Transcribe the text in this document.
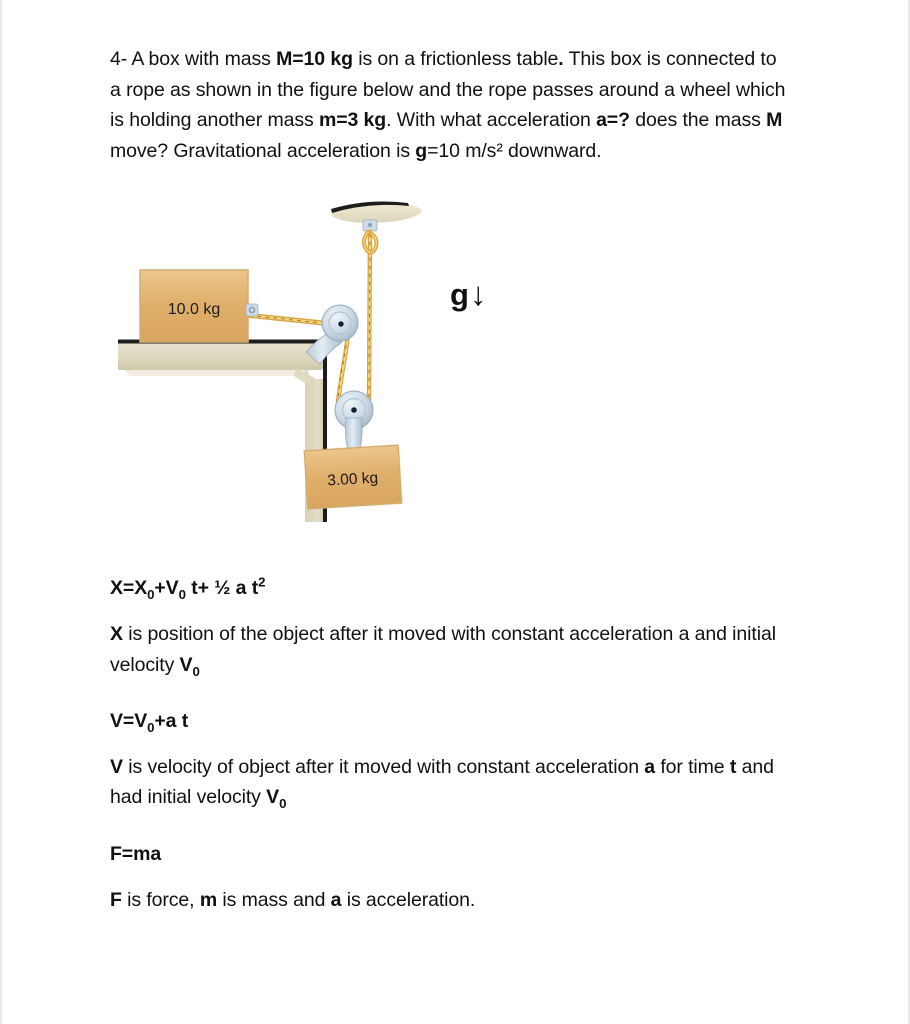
4- A box with mass M=10 kg is on a frictionless table. This box is connected to a rope as shown in the figure below and the rope passes around a wheel which is holding another mass m=3 kg. With what acceleration a=? does the mass M move? Gravitational acceleration is g=10 m/s² downward.
10.0 kg
3.00 kg
g ↓
$X=X_0+V_0$ t+ ½ a $t^2$
X is position of the object after it moved with constant acceleration a and initial velocity $V_0$
$V=V_0+a$ t
V is velocity of object after it moved with constant acceleration a for time t and had initial velocity $V_0$
F=ma
F is force, m is mass and a is acceleration.
